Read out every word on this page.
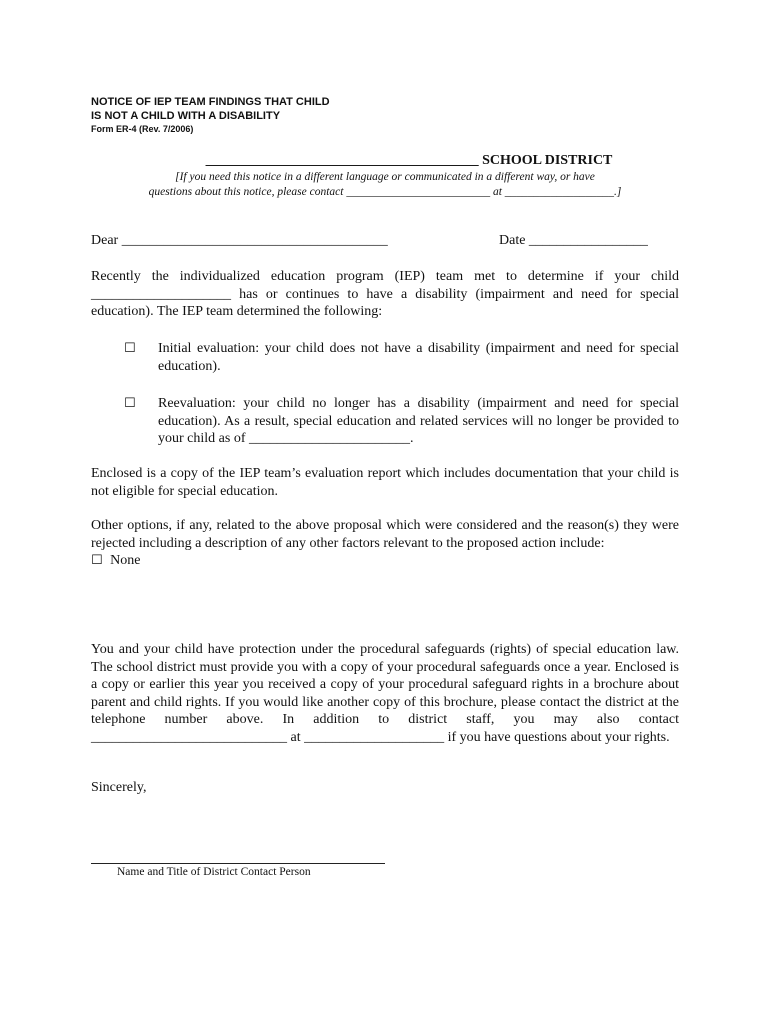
NOTICE OF IEP TEAM FINDINGS THAT CHILD

IS NOT A CHILD WITH A DISABILITY

Form ER-4 (Rev. 7/2006)

_______________________________________ SCHOOL DISTRICT

[If you need this notice in a different language or communicated in a different way, or have

questions about this notice, please contact _________________________ at ___________________.]

Dear ______________________________________	Date _________________

Recently the individualized education program (IEP) team met to determine if your child ____________________ has or continues to have a disability (impairment and need for special education). The IEP team determined the following:

☐ Initial evaluation: your child does not have a disability (impairment and need for special education).
☐ Reevaluation: your child no longer has a disability (impairment and need for special education). As a result, special education and related services will no longer be provided to your child as of _______________________.

Enclosed is a copy of the IEP team’s evaluation report which includes documentation that your child is not eligible for special education.

Other options, if any, related to the above proposal which were considered and the reason(s) they were rejected including a description of any other factors relevant to the proposed action include:

☐ None

You and your child have protection under the procedural safeguards (rights) of special education law. The school district must provide you with a copy of your procedural safeguards once a year. Enclosed is a copy or earlier this year you received a copy of your procedural safeguard rights in a brochure about parent and child rights. If you would like another copy of this brochure, please contact the district at the telephone number above. In addition to district staff, you may also contact ____________________________ at ____________________ if you have questions about your rights.

Sincerely,

Name and Title of District Contact Person
